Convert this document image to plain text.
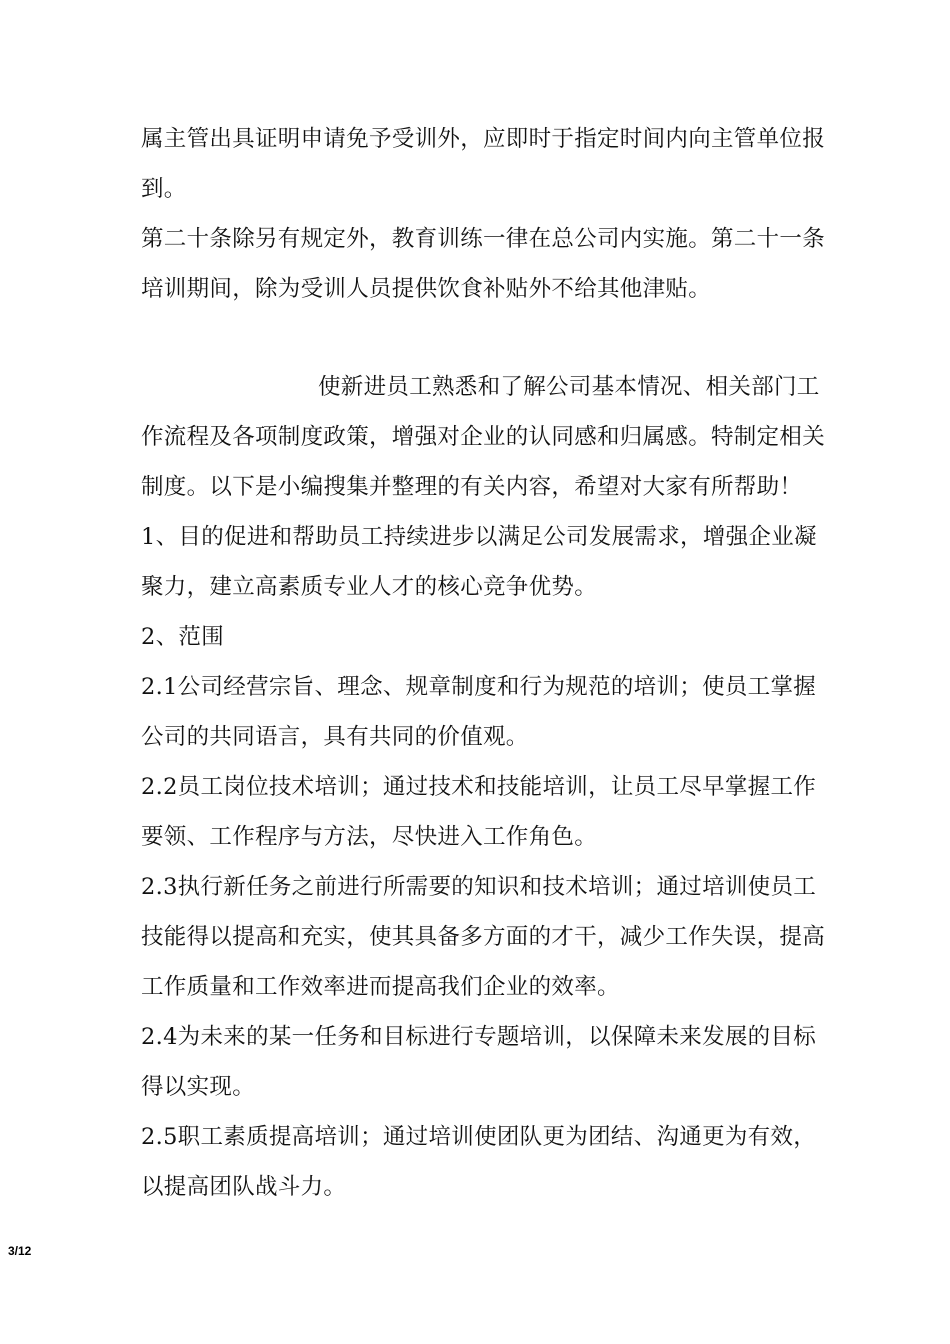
属主管出具证明申请免予受训外，应即时于指定时间内向主管单位报
到。
第二十条除另有规定外，教育训练一律在总公司内实施。第二十一条
培训期间，除为受训人员提供饮食补贴外不给其他津贴。
使新进员工熟悉和了解公司基本情况、相关部门工
作流程及各项制度政策，增强对企业的认同感和归属感。特制定相关
制度。以下是小编搜集并整理的有关内容，希望对大家有所帮助！
1、目的促进和帮助员工持续进步以满足公司发展需求，增强企业凝
聚力，建立高素质专业人才的核心竞争优势。
2、范围
2.1公司经营宗旨、理念、规章制度和行为规范的培训；使员工掌握
公司的共同语言，具有共同的价值观。
2.2员工岗位技术培训；通过技术和技能培训，让员工尽早掌握工作
要领、工作程序与方法，尽快进入工作角色。
2.3执行新任务之前进行所需要的知识和技术培训；通过培训使员工
技能得以提高和充实，使其具备多方面的才干，减少工作失误，提高
工作质量和工作效率进而提高我们企业的效率。
2.4为未来的某一任务和目标进行专题培训，以保障未来发展的目标
得以实现。
2.5职工素质提高培训；通过培训使团队更为团结、沟通更为有效，
以提高团队战斗力。
3/12
